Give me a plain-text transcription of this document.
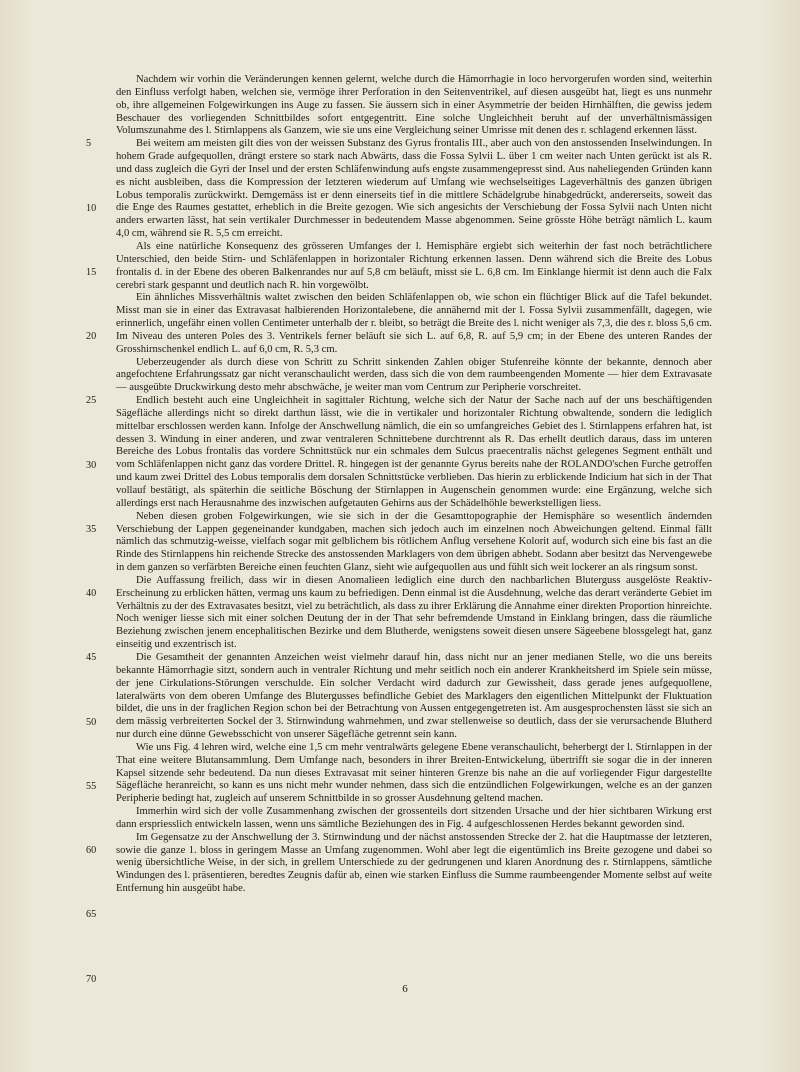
5
10
15
20
25
30
35
40
45
50
55
60
65
70

Nachdem wir vorhin die Veränderungen kennen gelernt, welche durch die Hämorrhagie in loco hervorgerufen worden sind, weiterhin den Einfluss verfolgt haben, welchen sie, vermöge ihrer Perforation in den Seitenventrikel, auf diesen ausgeübt hat, liegt es uns nunmehr ob, ihre allgemeinen Folgewirkungen ins Auge zu fassen. Sie äussern sich in einer Asymmetrie der beiden Hirnhälften, die gewiss jedem Beschauer des vorliegenden Schnittbildes sofort entgegentritt. Eine solche Ungleichheit beruht auf der unverhältnismässigen Volumszunahme des l. Stirnlappens als Ganzem, wie sie uns eine Vergleichung seiner Umrisse mit denen des r. schlagend erkennen lässt.

Bei weitem am meisten gilt dies von der weissen Substanz des Gyrus frontalis III., aber auch von den anstossenden Inselwindungen. In hohem Grade aufgequollen, drängt erstere so stark nach Abwärts, dass die Fossa Sylvii L. über 1 cm weiter nach Unten gerückt ist als R. und dass zugleich die Gyri der Insel und der ersten Schläfenwindung aufs engste zusammengepresst sind. Aus naheliegenden Gründen kann es nicht ausbleiben, dass die Kompression der letzteren wiederum auf Umfang wie wechselseitiges Lageverhältnis des ganzen übrigen Lobus temporalis zurückwirkt. Demgemäss ist er denn einerseits tief in die mittlere Schädelgrube hinabgedrückt, andererseits, soweit das die Enge des Raumes gestattet, erheblich in die Breite gezogen. Wie sich angesichts der Verschiebung der Fossa Sylvii nach Unten nicht anders erwarten lässt, hat sein vertikaler Durchmesser in bedeutendem Masse abgenommen. Seine grösste Höhe beträgt nämlich L. kaum 4,0 cm, während sie R. 5,5 cm erreicht.

Als eine natürliche Konsequenz des grösseren Umfanges der l. Hemisphäre ergiebt sich weiterhin der fast noch beträchtlichere Unterschied, den beide Stirn- und Schläfenlappen in horizontaler Richtung erkennen lassen. Denn während sich die Breite des Lobus frontalis d. in der Ebene des oberen Balkenrandes nur auf 5,8 cm beläuft, misst sie L. 6,8 cm. Im Einklange hiermit ist denn auch die Falx cerebri stark gespannt und deutlich nach R. hin vorgewölbt.

Ein ähnliches Missverhältnis waltet zwischen den beiden Schläfenlappen ob, wie schon ein flüchtiger Blick auf die Tafel bekundet. Misst man sie in einer das Extravasat halbierenden Horizontalebene, die annähernd mit der l. Fossa Sylvii zusammenfällt, dagegen, wie erinnerlich, ungefähr einen vollen Centimeter unterhalb der r. bleibt, so beträgt die Breite des l. nicht weniger als 7,3, die des r. bloss 5,6 cm. Im Niveau des unteren Poles des 3. Ventrikels ferner beläuft sie sich L. auf 6,8, R. auf 5,9 cm; in der Ebene des unteren Randes der Grosshirnschenkel endlich L. auf 6,0 cm, R. 5,3 cm.

Ueberzeugender als durch diese von Schritt zu Schritt sinkenden Zahlen obiger Stufenreihe könnte der bekannte, dennoch aber angefochtene Erfahrungssatz gar nicht veranschaulicht werden, dass sich die von dem raumbeengenden Momente — hier dem Extravasate — ausgeübte Druckwirkung desto mehr abschwäche, je weiter man vom Centrum zur Peripherie vorschreitet.

Endlich besteht auch eine Ungleichheit in sagittaler Richtung, welche sich der Natur der Sache nach auf der uns beschäftigenden Sägefläche allerdings nicht so direkt darthun lässt, wie die in vertikaler und horizontaler Richtung obwaltende, sondern die lediglich mittelbar erschlossen werden kann. Infolge der Anschwellung nämlich, die ein so umfangreiches Gebiet des l. Stirnlappens erfahren hat, ist dessen 3. Windung in einer anderen, und zwar ventraleren Schnittebene durchtrennt als R. Das erhellt deutlich daraus, dass im unteren Bereiche des Lobus frontalis das vordere Schnittstück nur ein schmales dem Sulcus praecentralis nächst gelegenes Segment enthält und vom Schläfenlappen nicht ganz das vordere Drittel. R. hingegen ist der genannte Gyrus bereits nahe der ROLANDO'schen Furche getroffen und kaum zwei Drittel des Lobus temporalis dem dorsalen Schnittstücke verblieben. Das hierin zu erblickende Indicium hat sich in der That vollauf bestätigt, als späterhin die seitliche Böschung der Stirnlappen in Augenschein genommen wurde: eine Ergänzung, welche sich allerdings erst nach Herausnahme des inzwischen aufgetauten Gehirns aus der Schädelhöhle bewerkstelligen liess.

Neben diesen groben Folgewirkungen, wie sie sich in der die Gesamttopographie der Hemisphäre so wesentlich ändernden Verschiebung der Lappen gegeneinander kundgaben, machen sich jedoch auch im einzelnen noch Abweichungen geltend. Einmal fällt nämlich das schmutzig-weisse, vielfach sogar mit gelblichem bis rötlichem Anflug versehene Kolorit auf, wodurch sich eine bis fast an die Rinde des Stirnlappens hin reichende Strecke des anstossenden Marklagers von dem übrigen abhebt. Sodann aber besitzt das Nervengewebe in dem ganzen so verfärbten Bereiche einen feuchten Glanz, sieht wie aufgequollen aus und fühlt sich weit lockerer an als ringsum sonst.

Die Auffassung freilich, dass wir in diesen Anomalieen lediglich eine durch den nachbarlichen Bluterguss ausgelöste Reaktiv-Erscheinung zu erblicken hätten, vermag uns kaum zu befriedigen. Denn einmal ist die Ausdehnung, welche das derart veränderte Gebiet im Verhältnis zu der des Extravasates besitzt, viel zu beträchtlich, als dass zu ihrer Erklärung die Annahme einer direkten Proportion hinreichte. Noch weniger liesse sich mit einer solchen Deutung der in der That sehr befremdende Umstand in Einklang bringen, dass die räumliche Beziehung zwischen jenem encephalitischen Bezirke und dem Blutherde, wenigstens soweit diesen unsere Sägeebene blossgelegt hat, ganz einseitig und exzentrisch ist.

Die Gesamtheit der genannten Anzeichen weist vielmehr darauf hin, dass nicht nur an jener medianen Stelle, wo die uns bereits bekannte Hämorrhagie sitzt, sondern auch in ventraler Richtung und mehr seitlich noch ein anderer Krankheitsherd im Spiele sein müsse, der jene Cirkulations-Störungen verschulde. Ein solcher Verdacht wird dadurch zur Gewissheit, dass gerade jenes aufgequollene, lateralwärts von dem oberen Umfange des Blutergusses befindliche Gebiet des Marklagers den eigentlichen Mittelpunkt der Fluktuation bildet, die uns in der fraglichen Region schon bei der Betrachtung von Aussen entgegengetreten ist. Am ausgesprochensten lässt sie sich an dem mässig verbreiterten Sockel der 3. Stirnwindung wahrnehmen, und zwar stellenweise so deutlich, dass der sie verursachende Blutherd nur durch eine dünne Gewebsschicht von unserer Sägefläche getrennt sein kann.

Wie uns Fig. 4 lehren wird, welche eine 1,5 cm mehr ventralwärts gelegene Ebene veranschaulicht, beherbergt der l. Stirnlappen in der That eine weitere Blutansammlung. Dem Umfange nach, besonders in ihrer Breiten-Entwickelung, übertrifft sie sogar die in der inneren Kapsel sitzende sehr bedeutend. Da nun dieses Extravasat mit seiner hinteren Grenze bis nahe an die auf vorliegender Figur dargestellte Sägefläche heranreicht, so kann es uns nicht mehr wunder nehmen, dass sich die entzündlichen Folgewirkungen, welche es an der ganzen Peripherie bedingt hat, zugleich auf unserem Schnittbilde in so grosser Ausdehnung geltend machen.

Immerhin wird sich der volle Zusammenhang zwischen der grossenteils dort sitzenden Ursache und der hier sichtbaren Wirkung erst dann erspriesslich entwickeln lassen, wenn uns sämtliche Beziehungen des in Fig. 4 aufgeschlossenen Herdes bekannt geworden sind.

Im Gegensatze zu der Anschwellung der 3. Stirnwindung und der nächst anstossenden Strecke der 2. hat die Hauptmasse der letzteren, sowie die ganze 1. bloss in geringem Masse an Umfang zugenommen. Wohl aber legt die eigentümlich ins Breite gezogene und dabei so wenig übersichtliche Weise, in der sich, in grellem Unterschiede zu der gedrungenen und klaren Anordnung des r. Stirnlappens, sämtliche Windungen des l. präsentieren, beredtes Zeugnis dafür ab, einen wie starken Einfluss die Summe raumbeengender Momente selbst auf weite Entfernung hin ausgeübt habe.

6
